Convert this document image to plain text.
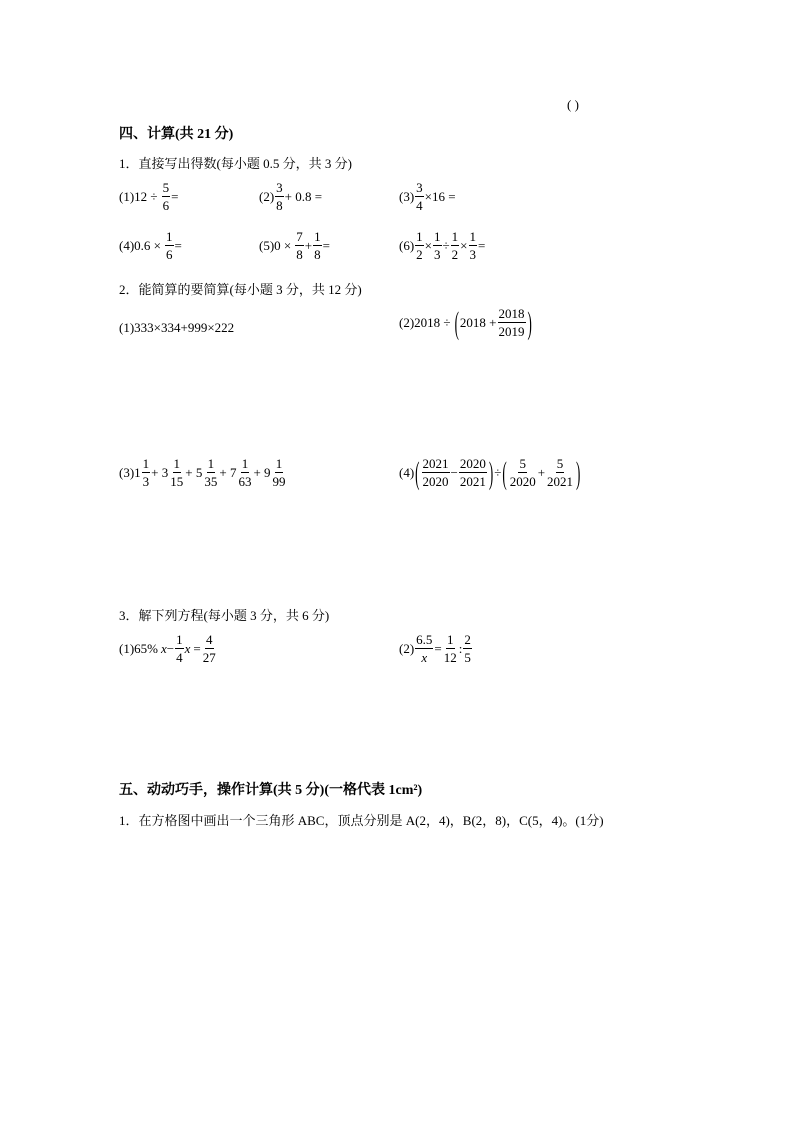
( )
四、计算(共 21 分)
1．直接写出得数(每小题 0.5 分，共 3 分)
(1) $12 \div \frac{5}{6}$ =	$(2) \frac{3}{8} + 0.8$ =	$(3) \frac{3}{4} \times 16$ =
(4) $0.6 \times \frac{1}{6}$ =	(5) $0 \times \frac{7}{8} + \frac{1}{8}$ =	$(6) \frac{1}{2} \times \frac{1}{3} \div \frac{1}{2} \times \frac{1}{3}$ =
2．能简算的要简算(每小题 3 分，共 12 分)
(1)333×334+999×222	(2) 2018 ÷ ( $2018 + \frac{2018}{2019}$ )
(3) $1 \frac{1}{3} + 3 \frac{1}{15} + 5 \frac{1}{35} + 7 \frac{1}{63} + 9 \frac{1}{99}$	(4) ( $\frac{2021}{2020} - \frac{2020}{2021}$ ) ÷ ( $\frac{5}{2020} + \frac{5}{2021}$ )
3．解下列方程(每小题 3 分，共 6 分)
(1) 65% $x - \frac{1}{4}$ $x = \frac{4}{27}$	$(2) \frac{6.5}{x} = \frac{1}{12}$ : $\frac{2}{5}$
五、动动巧手，操作计算(共 5 分)(一格代表 1cm²)
1．在方格图中画出一个三角形 ABC，顶点分别是 A(2，4)，B(2，8)，C(5，4)。(1分)
